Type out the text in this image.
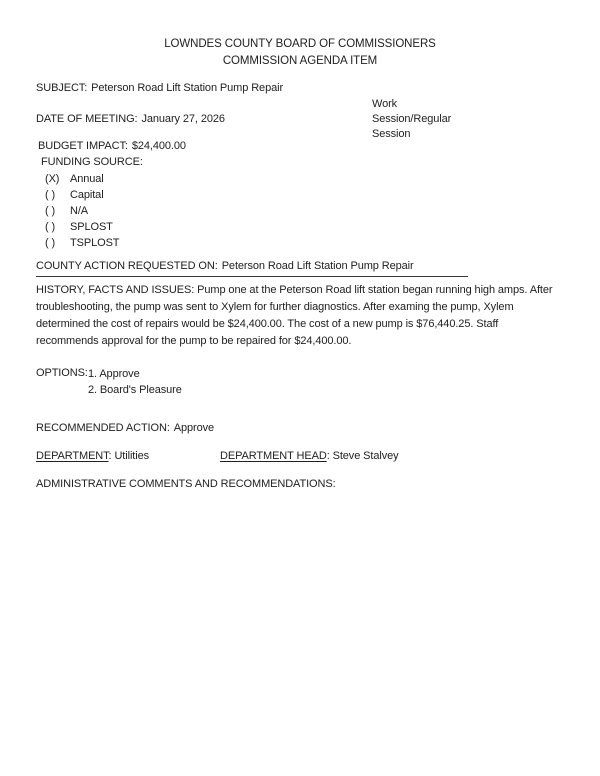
LOWNDES COUNTY BOARD OF COMMISSIONERS
COMMISSION AGENDA ITEM
SUBJECT: Peterson Road Lift Station Pump Repair
Work Session/Regular Session
DATE OF MEETING: January 27, 2026
BUDGET IMPACT: $24,400.00
FUNDING SOURCE:
(X) Annual
( ) Capital
( ) N/A
( ) SPLOST
( ) TSPLOST
COUNTY ACTION REQUESTED ON: Peterson Road Lift Station Pump Repair
HISTORY, FACTS AND ISSUES: Pump one at the Peterson Road lift station began running high amps. After
troubleshooting, the pump was sent to Xylem for further diagnostics. After examing the pump, Xylem
determined the cost of repairs would be $24,400.00. The cost of a new pump is $76,440.25. Staff
recommends approval for the pump to be repaired for $24,400.00.
OPTIONS: 1. Approve
2. Board's Pleasure
RECOMMENDED ACTION: Approve
DEPARTMENT: Utilities	DEPARTMENT HEAD: Steve Stalvey
ADMINISTRATIVE COMMENTS AND RECOMMENDATIONS:
